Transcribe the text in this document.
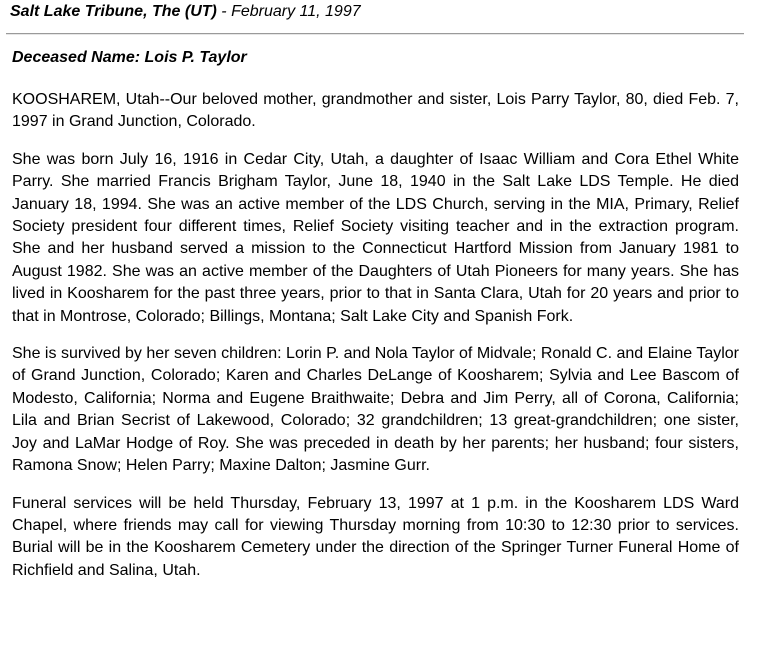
Salt Lake Tribune, The (UT) - February 11, 1997
Deceased Name: Lois P. Taylor

KOOSHAREM, Utah--Our beloved mother, grandmother and sister, Lois Parry Taylor, 80, died Feb. 7, 1997 in Grand Junction, Colorado.

She was born July 16, 1916 in Cedar City, Utah, a daughter of Isaac William and Cora Ethel White Parry. She married Francis Brigham Taylor, June 18, 1940 in the Salt Lake LDS Temple. He died January 18, 1994. She was an active member of the LDS Church, serving in the MIA, Primary, Relief Society president four different times, Relief Society visiting teacher and in the extraction program. She and her husband served a mission to the Connecticut Hartford Mission from January 1981 to August 1982. She was an active member of the Daughters of Utah Pioneers for many years. She has lived in Koosharem for the past three years, prior to that in Santa Clara, Utah for 20 years and prior to that in Montrose, Colorado; Billings, Montana; Salt Lake City and Spanish Fork.

She is survived by her seven children: Lorin P. and Nola Taylor of Midvale; Ronald C. and Elaine Taylor of Grand Junction, Colorado; Karen and Charles DeLange of Koosharem; Sylvia and Lee Bascom of Modesto, California; Norma and Eugene Braithwaite; Debra and Jim Perry, all of Corona, California; Lila and Brian Secrist of Lakewood, Colorado; 32 grandchildren; 13 great-grandchildren; one sister, Joy and LaMar Hodge of Roy. She was preceded in death by her parents; her husband; four sisters, Ramona Snow; Helen Parry; Maxine Dalton; Jasmine Gurr.

Funeral services will be held Thursday, February 13, 1997 at 1 p.m. in the Koosharem LDS Ward Chapel, where friends may call for viewing Thursday morning from 10:30 to 12:30 prior to services. Burial will be in the Koosharem Cemetery under the direction of the Springer Turner Funeral Home of Richfield and Salina, Utah.
